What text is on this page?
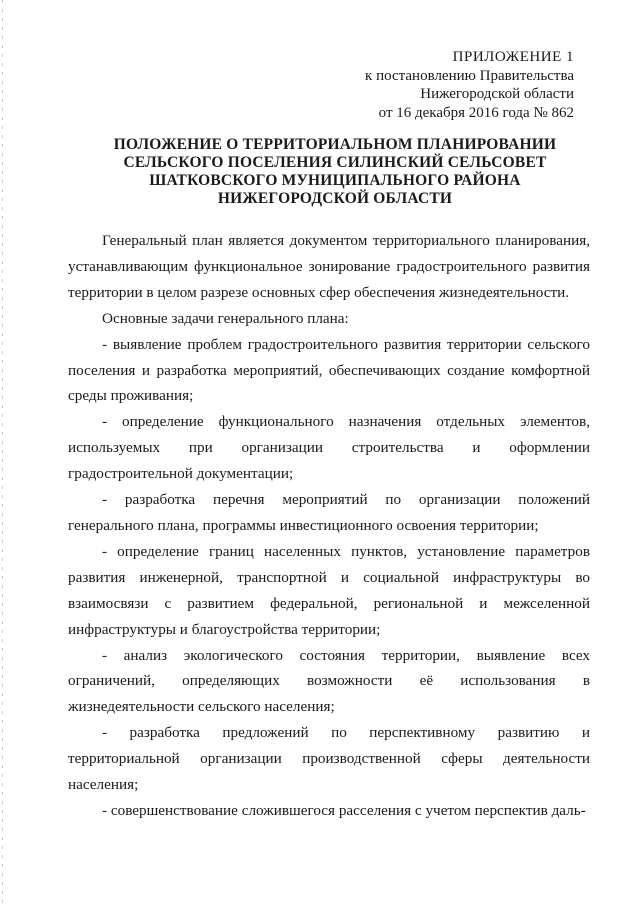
ПРИЛОЖЕНИЕ 1
к постановлению Правительства
Нижегородской области
от 16 декабря 2016 года № 862
ПОЛОЖЕНИЕ О ТЕРРИТОРИАЛЬНОМ ПЛАНИРОВАНИИ
СЕЛЬСКОГО ПОСЕЛЕНИЯ СИЛИНСКИЙ СЕЛЬСОВЕТ
ШАТКОВСКОГО МУНИЦИПАЛЬНОГО РАЙОНА
НИЖЕГОРОДСКОЙ ОБЛАСТИ

Генеральный план является документом территориального планирования, устанавливающим функциональное зонирование градостроительного развития территории в целом разрезе основных сфер обеспечения жизнедеятельности.

Основные задачи генерального плана:

- выявление проблем градостроительного развития территории сельского поселения и разработка мероприятий, обеспечивающих создание комфортной среды проживания;

- определение функционального назначения отдельных элементов, используемых при организации строительства и оформлении градостроительной документации;

- разработка перечня мероприятий по организации положений генерального плана, программы инвестиционного освоения территории;

- определение границ населенных пунктов, установление параметров развития инженерной, транспортной и социальной инфраструктуры во взаимосвязи с развитием федеральной, региональной и межселенной инфраструктуры и благоустройства территории;

- анализ экологического состояния территории, выявление всех ограничений, определяющих возможности её использования в жизнедеятельности сельского населения;

- разработка предложений по перспективному развитию и территориальной организации производственной сферы деятельности населения;

- совершенствование сложившегося расселения с учетом перспектив даль-
